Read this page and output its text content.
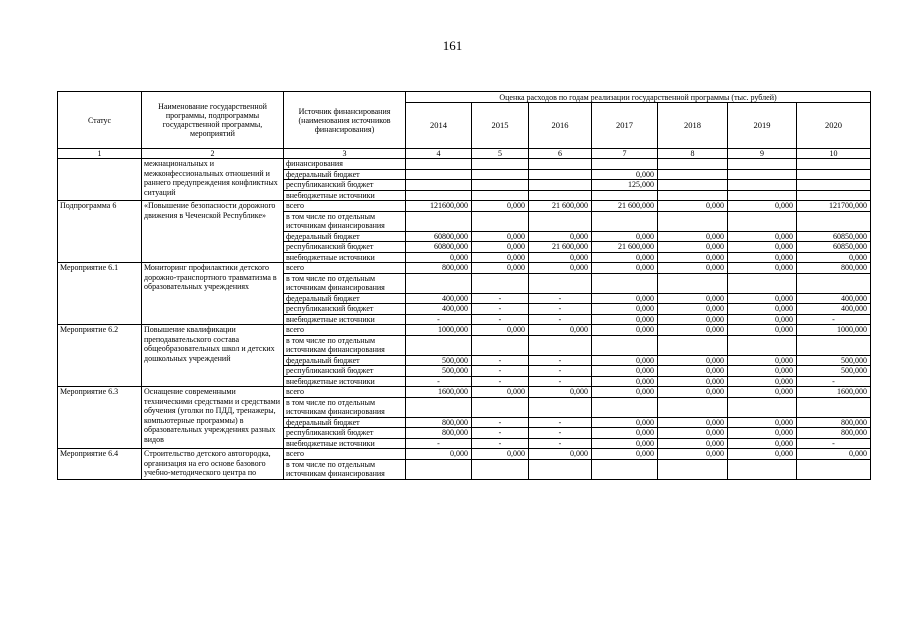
161
Статус	Наименование государственной программы, подпрограммы государственной программы, мероприятий	Источник финансирования (наименования источников финансирования)	Оценка расходов по годам реализации государственной программы (тыс. рублей)						
			2014	2015	2016	2017	2018	2019	2020
1	2	3	4	5	6	7	8	9	10
	межнациональных и межконфессиональных отношений и раннего предупреждения конфликтных ситуаций	финансирования							
		федеральный бюджет				0,000			
		республиканский бюджет				125,000			
		внебюджетные источники							
Подпрограмма 6	«Повышение безопасности дорожного движения в Чеченской Республике»	всего	121600,000	0,000	21 600,000	21 600,000	0,000	0,000	121700,000
		в том числе по отдельным источникам финансирования							
		федеральный бюджет	60800,000	0,000	0,000	0,000	0,000	0,000	60850,000
		республиканский бюджет	60800,000	0,000	21 600,000	21 600,000	0,000	0,000	60850,000
		внебюджетные источники	0,000	0,000	0,000	0,000	0,000	0,000	0,000
Мероприятие 6.1	Мониторинг профилактики детского дорожно-транспортного травматизма в образовательных учреждениях	всего	800,000	0,000	0,000	0,000	0,000	0,000	800,000
		в том числе по отдельным источникам финансирования							
		федеральный бюджет	400,000	-	-	0,000	0,000	0,000	400,000
		республиканский бюджет	400,000	-	-	0,000	0,000	0,000	400,000
		внебюджетные источники	-	-	-	0,000	0,000	0,000	-
Мероприятие 6.2	Повышение квалификации преподавательского состава общеобразовательных школ и детских дошкольных учреждений	всего	1000,000	0,000	0,000	0,000	0,000	0,000	1000,000
		в том числе по отдельным источникам финансирования							
		федеральный бюджет	500,000	-	-	0,000	0,000	0,000	500,000
		республиканский бюджет	500,000	-	-	0,000	0,000	0,000	500,000
		внебюджетные источники	-	-	-	0,000	0,000	0,000	-
Мероприятие 6.3	Оснащение современными техническими средствами и средствами обучения (уголки по ПДД, тренажеры, компьютерные программы) в образовательных учреждениях разных видов	всего	1600,000	0,000	0,000	0,000	0,000	0,000	1600,000
		в том числе по отдельным источникам финансирования							
		федеральный бюджет	800,000	-	-	0,000	0,000	0,000	800,000
		республиканский бюджет	800,000	-	-	0,000	0,000	0,000	800,000
		внебюджетные источники	-	-	-	0,000	0,000	0,000	-
Мероприятие 6.4	Строительство детского автогородка, организация на его основе базового учебно-методического центра по	всего	0,000	0,000	0,000	0,000	0,000	0,000	0,000
		в том числе по отдельным источникам финансирования							
